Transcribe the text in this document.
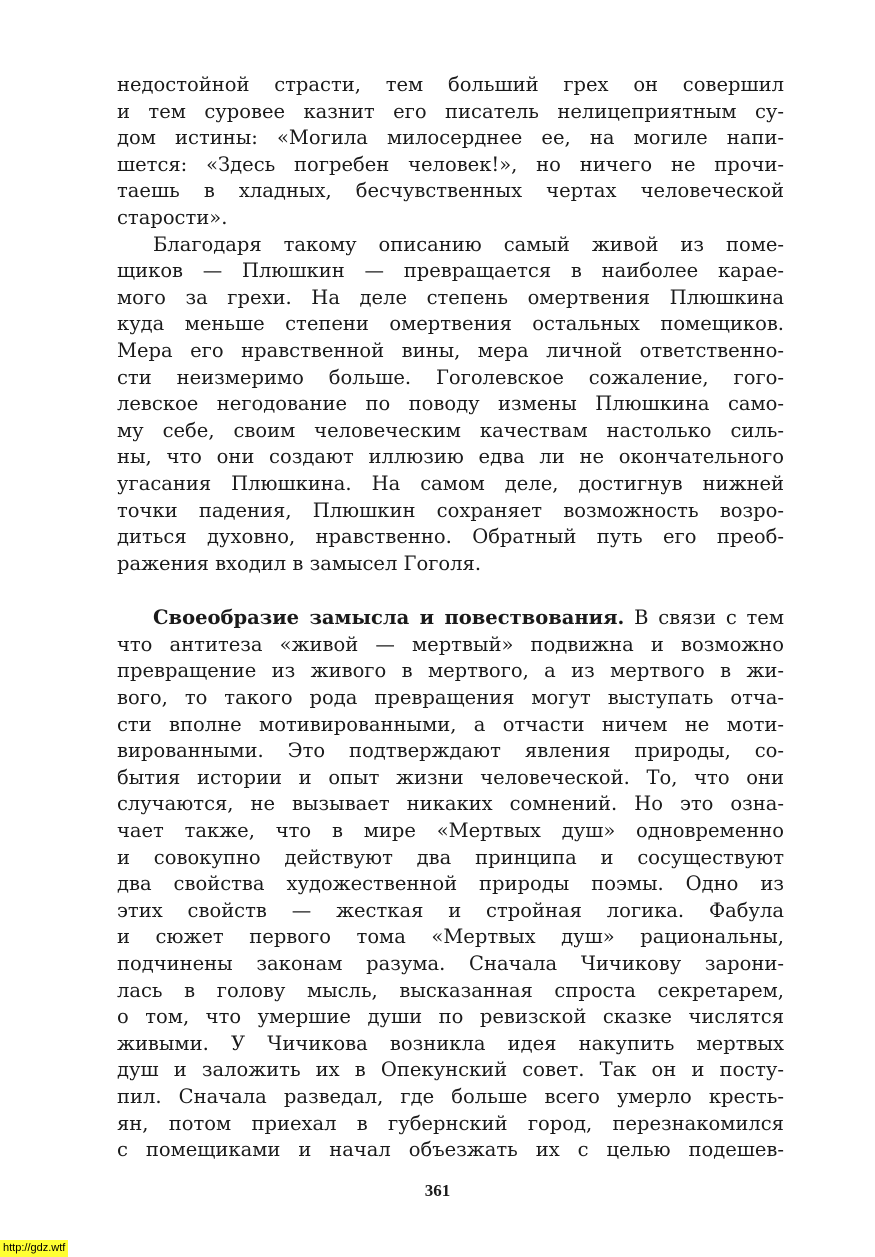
недостойной страсти, тем больший грех он совершил
и тем суровее казнит его писатель нелицеприятным су-
дом истины: «Могила милосерднее ее, на могиле напи-
шется: «Здесь погребен человек!», но ничего не прочи-
таешь в хладных, бесчувственных чертах человеческой
старости».
Благодаря такому описанию самый живой из поме-
щиков — Плюшкин — превращается в наиболее карае-
мого за грехи. На деле степень омертвения Плюшкина
куда меньше степени омертвения остальных помещиков.
Мера его нравственной вины, мера личной ответственно-
сти неизмеримо больше. Гоголевское сожаление, гого-
левское негодование по поводу измены Плюшкина само-
му себе, своим человеческим качествам настолько силь-
ны, что они создают иллюзию едва ли не окончательного
угасания Плюшкина. На самом деле, достигнув нижней
точки падения, Плюшкин сохраняет возможность возро-
диться духовно, нравственно. Обратный путь его преоб-
ражения входил в замысел Гоголя.
Своеобразие замысла и повествования. В связи с тем
что антитеза «живой — мертвый» подвижна и возможно
превращение из живого в мертвого, а из мертвого в жи-
вого, то такого рода превращения могут выступать отча-
сти вполне мотивированными, а отчасти ничем не моти-
вированными. Это подтверждают явления природы, со-
бытия истории и опыт жизни человеческой. То, что они
случаются, не вызывает никаких сомнений. Но это озна-
чает также, что в мире «Мертвых душ» одновременно
и совокупно действуют два принципа и сосуществуют
два свойства художественной природы поэмы. Одно из
этих свойств — жесткая и стройная логика. Фабула
и сюжет первого тома «Мертвых душ» рациональны,
подчинены законам разума. Сначала Чичикову зарони-
лась в голову мысль, высказанная спроста секретарем,
о том, что умершие души по ревизской сказке числятся
живыми. У Чичикова возникла идея накупить мертвых
душ и заложить их в Опекунский совет. Так он и посту-
пил. Сначала разведал, где больше всего умерло кресть-
ян, потом приехал в губернский город, перезнакомился
с помещиками и начал объезжать их с целью подешев-
361
http://gdz.wtf
